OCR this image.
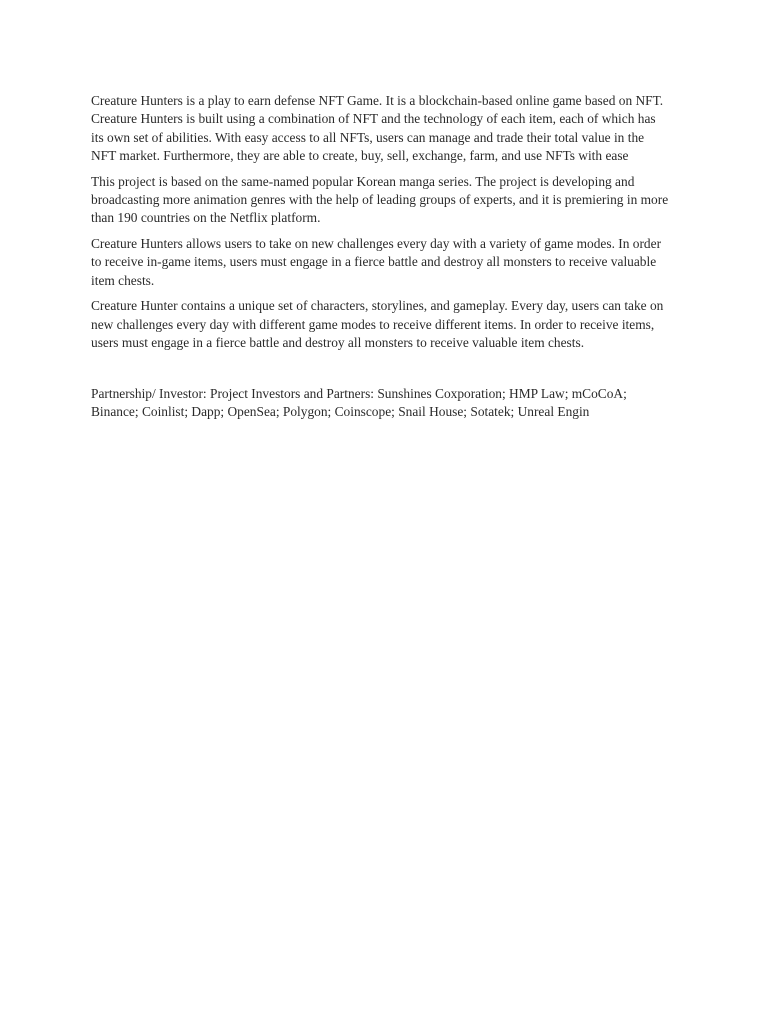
Creature Hunters is a play to earn defense NFT Game. It is a blockchain-based online game based on NFT. Creature Hunters is built using a combination of NFT and the technology of each item, each of which has its own set of abilities. With easy access to all NFTs, users can manage and trade their total value in the NFT market. Furthermore, they are able to create, buy, sell, exchange, farm, and use NFTs with ease

This project is based on the same-named popular Korean manga series. The project is developing and broadcasting more animation genres with the help of leading groups of experts, and it is premiering in more than 190 countries on the Netflix platform.

Creature Hunters allows users to take on new challenges every day with a variety of game modes. In order to receive in-game items, users must engage in a fierce battle and destroy all monsters to receive valuable item chests.

Creature Hunter contains a unique set of characters, storylines, and gameplay. Every day, users can take on new challenges every day with different game modes to receive different items. In order to receive items, users must engage in a fierce battle and destroy all monsters to receive valuable item chests.

Partnership/ Investor: Project Investors and Partners: Sunshines Coxporation; HMP Law; mCoCoA; Binance; Coinlist; Dapp; OpenSea; Polygon; Coinscope; Snail House; Sotatek; Unreal Engin
